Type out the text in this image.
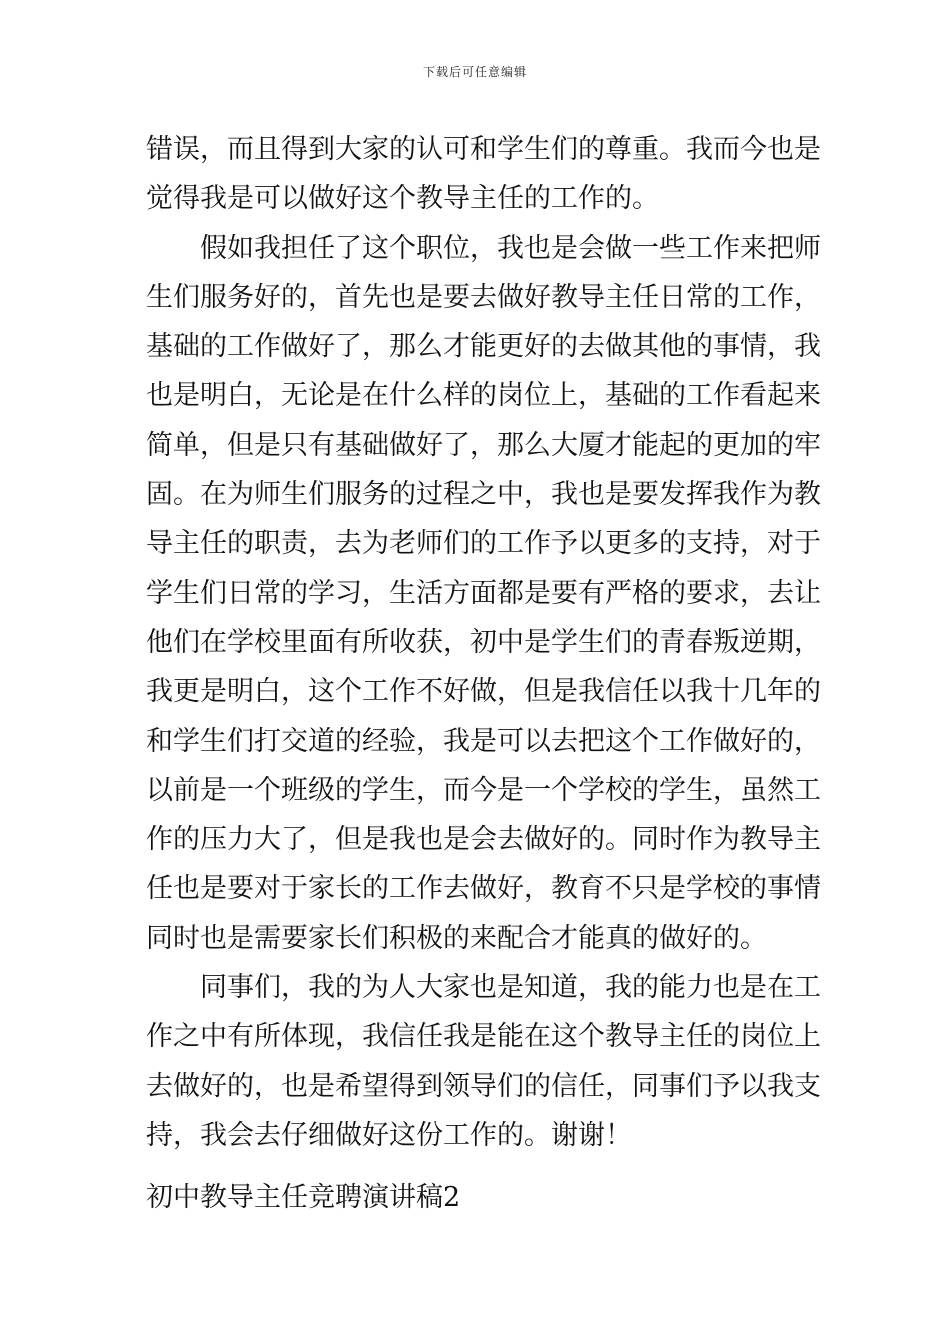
下载后可任意编辑
错误，而且得到大家的认可和学生们的尊重。我而今也是
觉得我是可以做好这个教导主任的工作的。
假如我担任了这个职位，我也是会做一些工作来把师
生们服务好的，首先也是要去做好教导主任日常的工作，
基础的工作做好了，那么才能更好的去做其他的事情，我
也是明白，无论是在什么样的岗位上，基础的工作看起来
简单，但是只有基础做好了，那么大厦才能起的更加的牢
固。在为师生们服务的过程之中，我也是要发挥我作为教
导主任的职责，去为老师们的工作予以更多的支持，对于
学生们日常的学习，生活方面都是要有严格的要求，去让
他们在学校里面有所收获，初中是学生们的青春叛逆期，
我更是明白，这个工作不好做，但是我信任以我十几年的
和学生们打交道的经验，我是可以去把这个工作做好的，
以前是一个班级的学生，而今是一个学校的学生，虽然工
作的压力大了，但是我也是会去做好的。同时作为教导主
任也是要对于家长的工作去做好，教育不只是学校的事情
同时也是需要家长们积极的来配合才能真的做好的。
同事们，我的为人大家也是知道，我的能力也是在工
作之中有所体现，我信任我是能在这个教导主任的岗位上
去做好的，也是希望得到领导们的信任，同事们予以我支
持，我会去仔细做好这份工作的。谢谢！
初中教导主任竞聘演讲稿2
